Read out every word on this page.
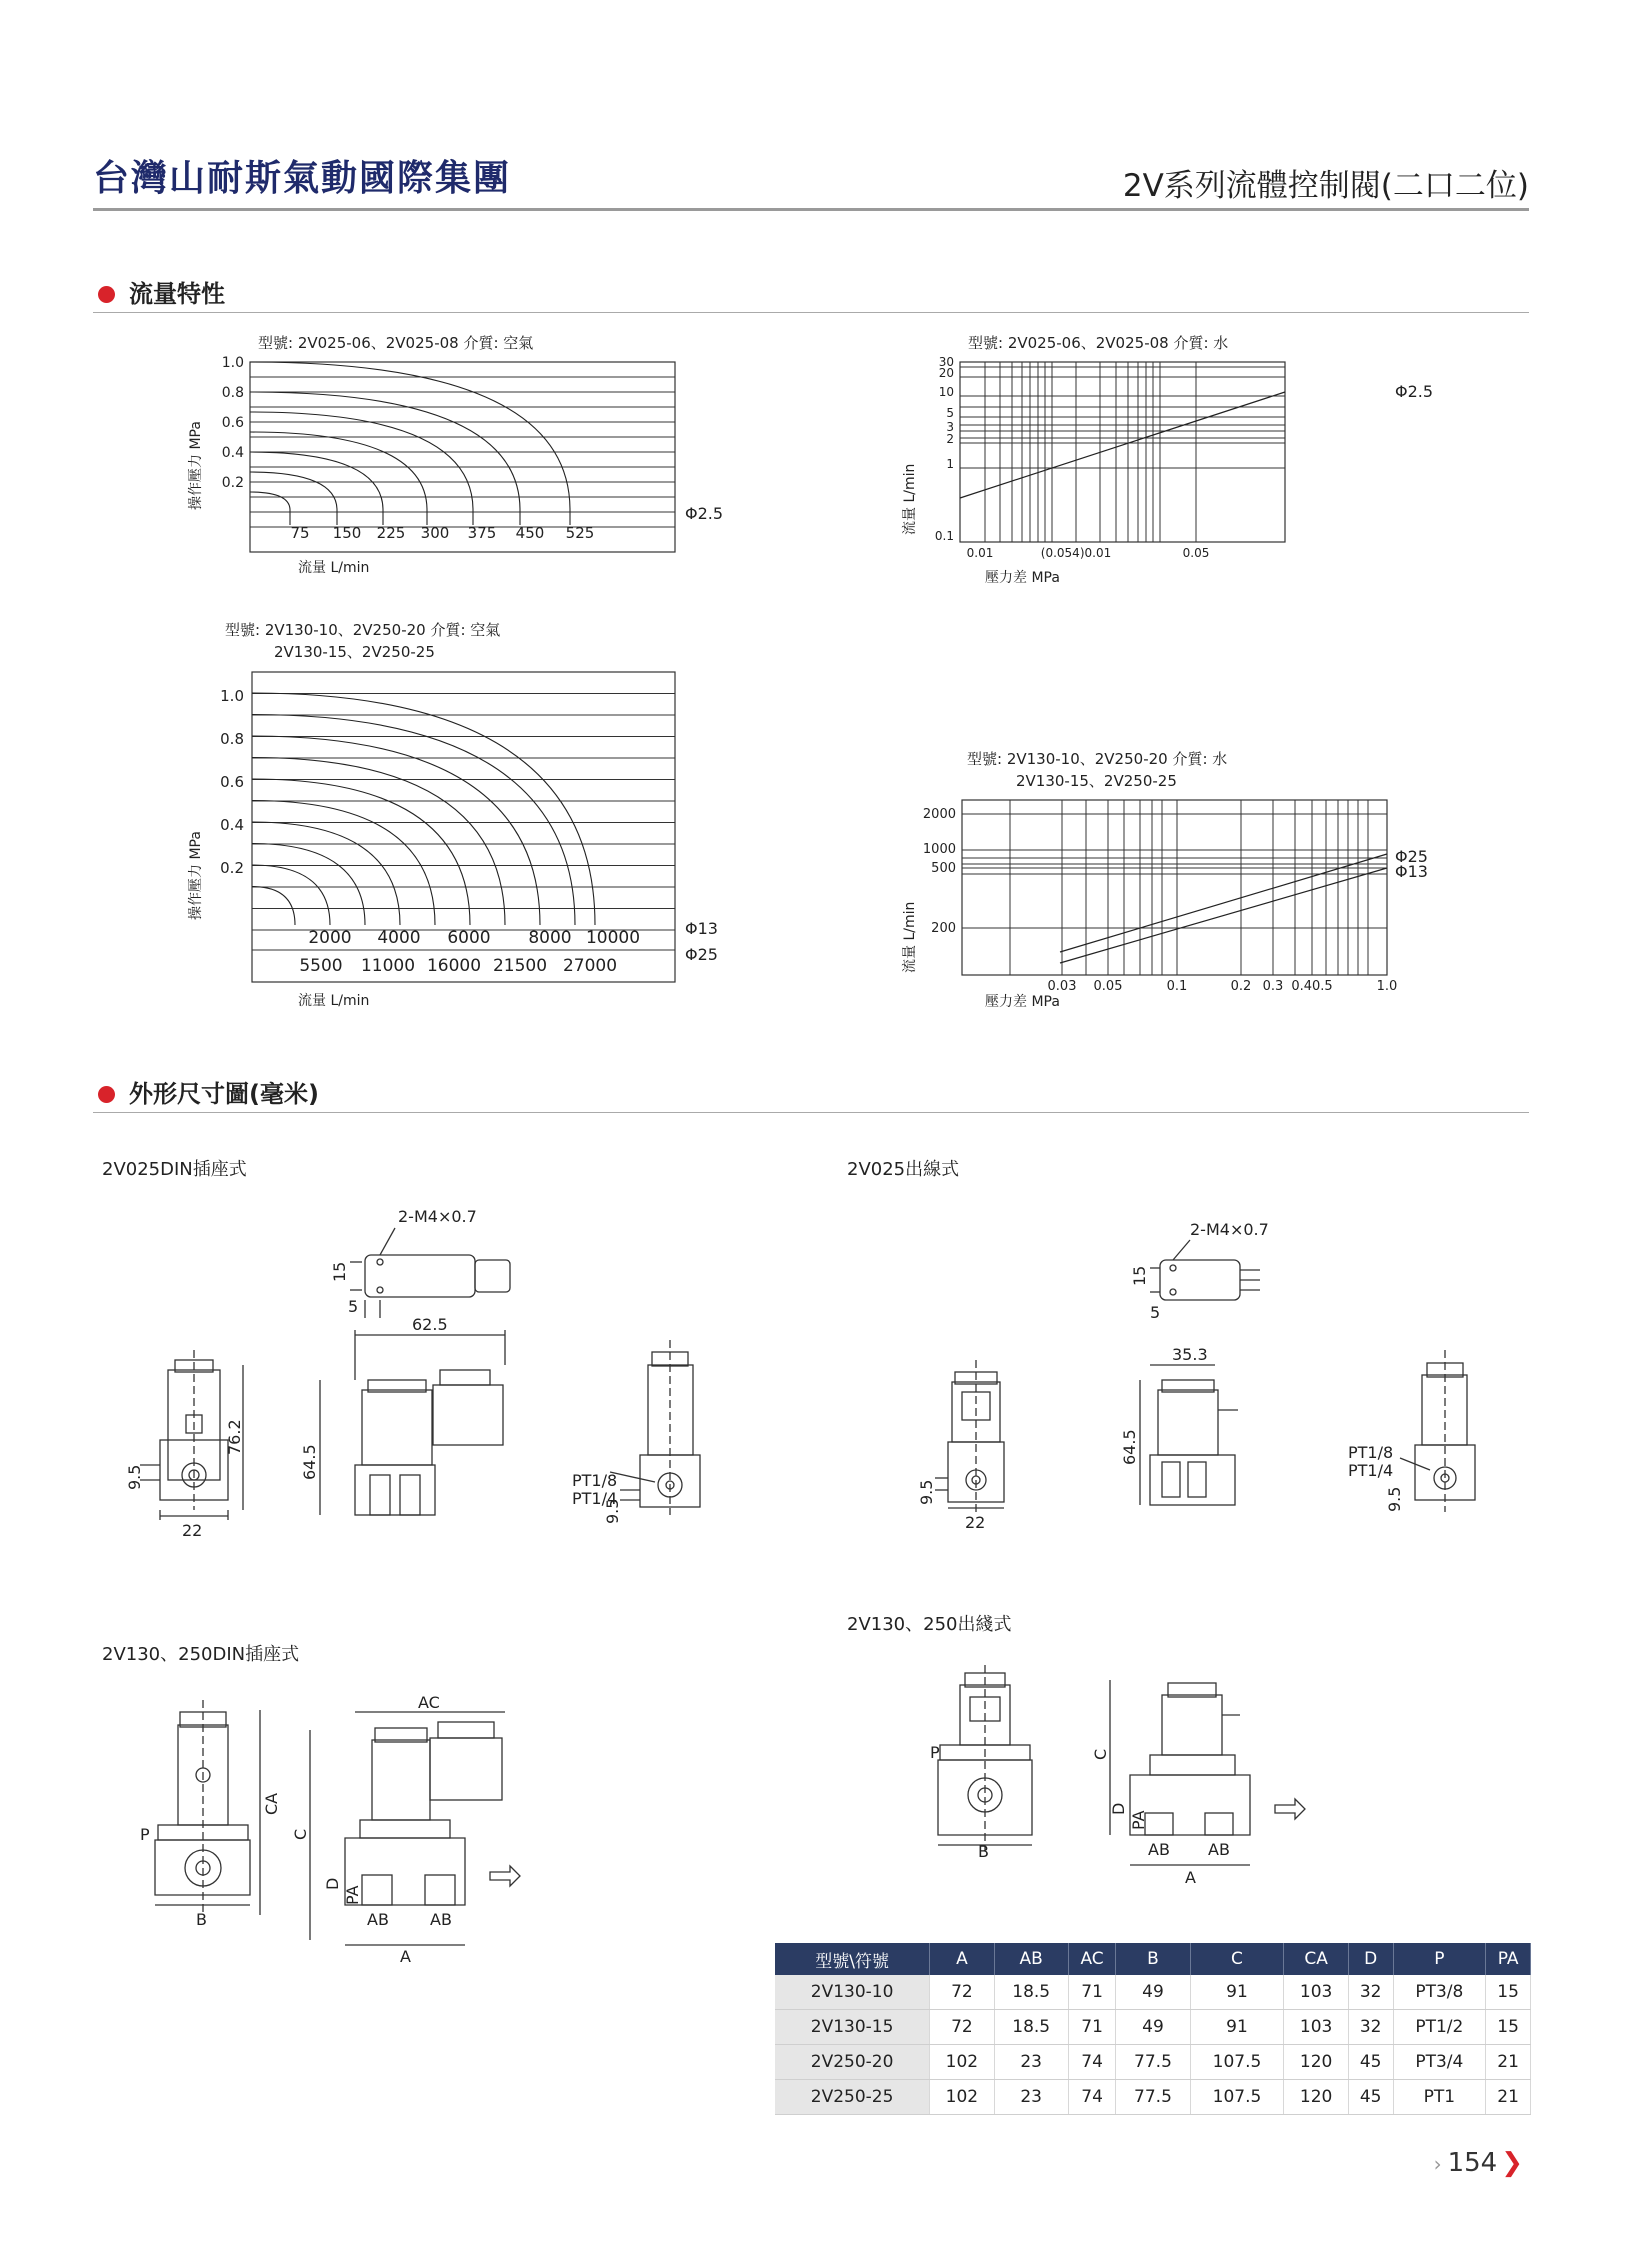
台灣山耐斯氣動國際集團	2V系列流體控制閥(二口二位)
流量特性
型號: 2V025-06、2V025-08 介質: 空氣
1.0
0.8
0.6
0.4
0.2
75 150 225 300 375 450 525
Φ2.5
操作壓力 MPa
流量 L/min
型號: 2V025-06、2V025-08 介質: 水
30
20
10
5
3
2
1
0.1
0.01	(0.054)0.01	0.05
Φ2.5
流量 L/min
壓力差 MPa
型號: 2V130-10、2V250-20 介質: 空氣
2V130-15、2V250-25
1.0
0.8
0.6
0.4
0.2
2000 4000 6000 8000 10000
5500 11000 16000 21500 27000
Φ13
Φ25
操作壓力 MPa
流量 L/min
型號: 2V130-10、2V250-20 介質: 水
2V130-15、2V250-25
2000
1000
500
200
0.03 0.05	0.1	0.2 0.3 0.40.5	1.0
Φ25
Φ13
流量 L/min
壓力差 MPa
外形尺寸圖(毫米)
2V025DIN插座式	2V025出線式
2V130、250DIN插座式
2V130、250出綫式
2-M4×0.7
15
5
62.5
76.2
64.5
9.5
22
PT1/8
PT1/4
9.5
2-M4×0.7
15
5
35.3
64.5
9.5
22
PT1/8
PT1/4
9.5
AC
CA
C
P
D
PA
B	AB	AB
A
C
P
D
PA
B	AB AB
A
型號\符號	A	AB	AC	B	C	CA	D	P	PA
2V130-10	72	18.5	71	49	91	103	32	PT3/8	15
2V130-15	72	18.5	71	49	91	103	32	PT1/2	15
2V250-20	102	23	74	77.5	107.5	120	45	PT3/4	21
2V250-25	102	23	74	77.5	107.5	120	45	PT1	21
› 154 ❯
